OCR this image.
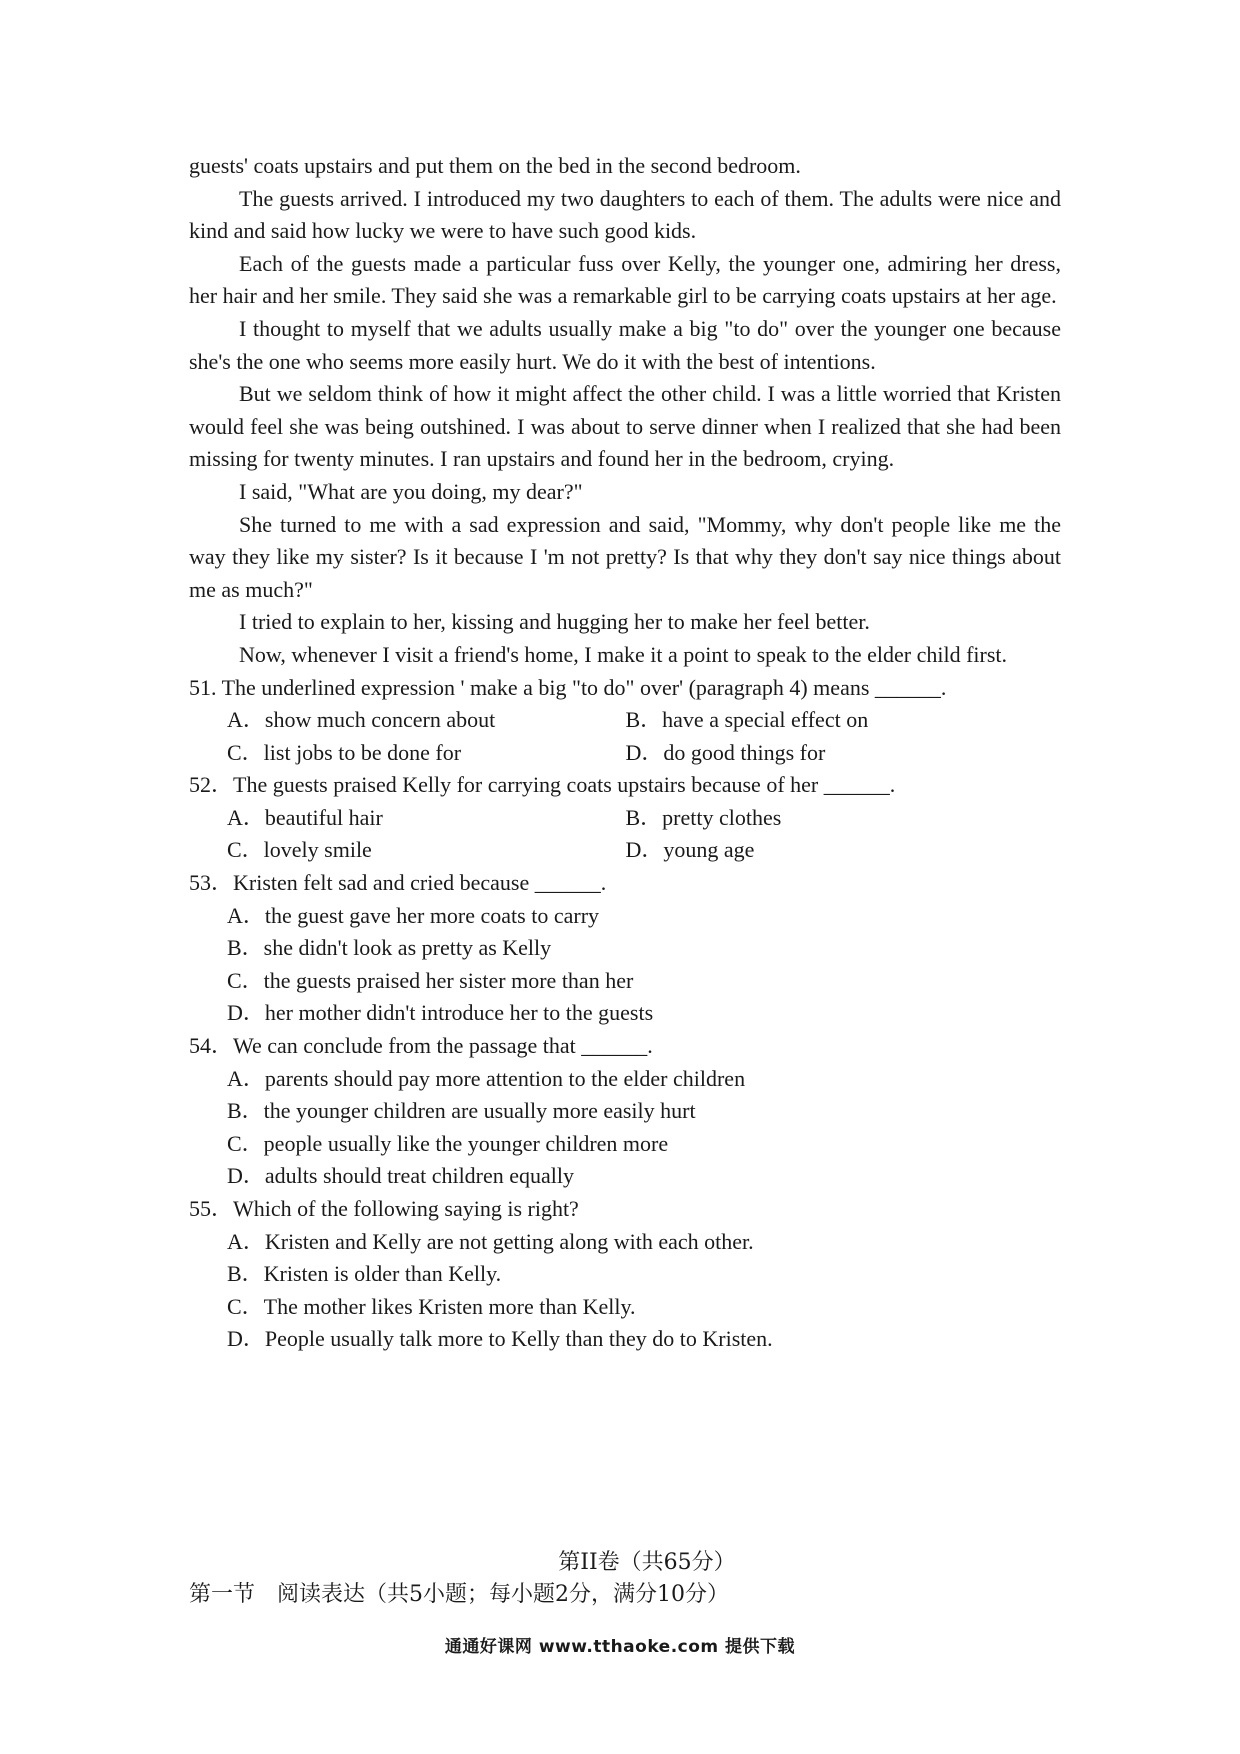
guests' coats upstairs and put them on the bed in the second bedroom.

The guests arrived. I introduced my two daughters to each of them. The adults were nice and kind and said how lucky we were to have such good kids.

Each of the guests made a particular fuss over Kelly, the younger one, admiring her dress, her hair and her smile. They said she was a remarkable girl to be carrying coats upstairs at her age.

I thought to myself that we adults usually make a big "to do" over the younger one because she's the one who seems more easily hurt. We do it with the best of intentions.

But we seldom think of how it might affect the other child. I was a little worried that Kristen would feel she was being outshined. I was about to serve dinner when I realized that she had been missing for twenty minutes. I ran upstairs and found her in the bedroom, crying.

I said, "What are you doing, my dear?"

She turned to me with a sad expression and said, "Mommy, why don't people like me the way they like my sister? Is it because I 'm not pretty? Is that why they don't say nice things about me as much?"

I tried to explain to her, kissing and hugging her to make her feel better.

Now, whenever I visit a friend's home, I make it a point to speak to the elder child first.

51. The underlined expression ' make a big "to do" over' (paragraph 4) means ______.

A．show much concern about	B．have a special effect on
C．list jobs to be done for	D．do good things for

52．The guests praised Kelly for carrying coats upstairs because of her ______.

A．beautiful hair	B．pretty clothes
C．lovely smile	D．young age

53．Kristen felt sad and cried because ______.

A．the guest gave her more coats to carry

B．she didn't look as pretty as Kelly

C．the guests praised her sister more than her

D．her mother didn't introduce her to the guests

54．We can conclude from the passage that ______.

A．parents should pay more attention to the elder children

B．the younger children are usually more easily hurt

C．people usually like the younger children more

D．adults should treat children equally

55．Which of the following saying is right?

A．Kristen and Kelly are not getting along with each other.

B．Kristen is older than Kelly.

C．The mother likes Kristen more than Kelly.

D．People usually talk more to Kelly than they do to Kristen.

第II卷（共65分）

第一节　阅读表达（共5小题；每小题2分，满分10分）

通通好课网 www.tthaoke.com 提供下载
